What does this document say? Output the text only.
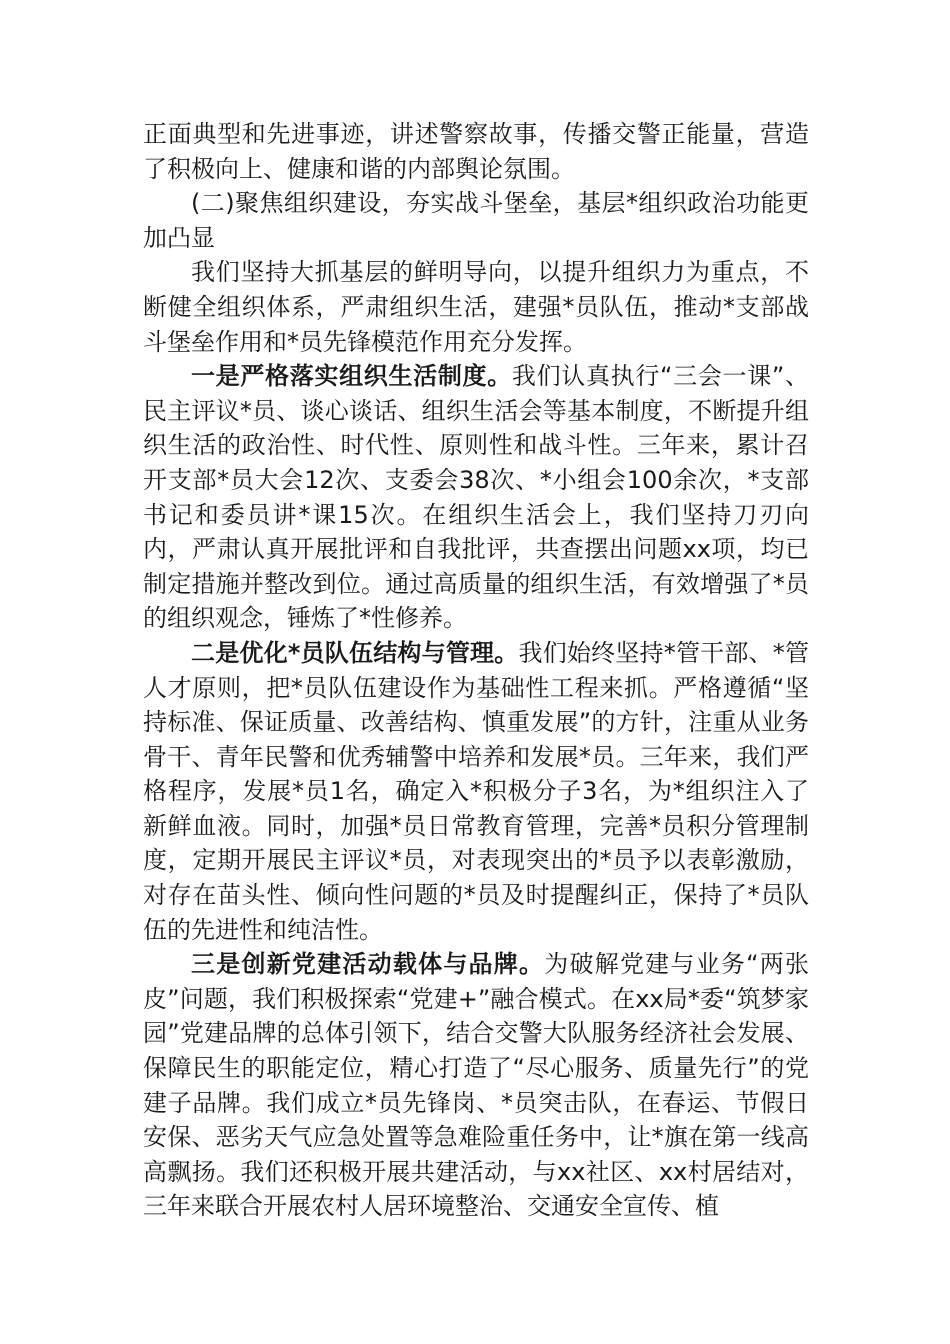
正面典型和先进事迹，讲述警察故事，传播交警正能量，营造了积极向上、健康和谐的内部舆论氛围。

(二)聚焦组织建设，夯实战斗堡垒，基层*组织政治功能更加凸显

我们坚持大抓基层的鲜明导向，以提升组织力为重点，不断健全组织体系，严肃组织生活，建强*员队伍，推动*支部战斗堡垒作用和*员先锋模范作用充分发挥。

一是严格落实组织生活制度。我们认真执行“三会一课”、民主评议*员、谈心谈话、组织生活会等基本制度，不断提升组织生活的政治性、时代性、原则性和战斗性。三年来，累计召开支部*员大会12次、支委会38次、*小组会100余次，*支部书记和委员讲*课15次。在组织生活会上，我们坚持刀刃向内，严肃认真开展批评和自我批评，共查摆出问题xx项，均已制定措施并整改到位。通过高质量的组织生活，有效增强了*员的组织观念，锤炼了*性修养。

二是优化*员队伍结构与管理。我们始终坚持*管干部、*管人才原则，把*员队伍建设作为基础性工程来抓。严格遵循“坚持标准、保证质量、改善结构、慎重发展”的方针，注重从业务骨干、青年民警和优秀辅警中培养和发展*员。三年来，我们严格程序，发展*员1名，确定入*积极分子3名，为*组织注入了新鲜血液。同时，加强*员日常教育管理，完善*员积分管理制度，定期开展民主评议*员，对表现突出的*员予以表彰激励，对存在苗头性、倾向性问题的*员及时提醒纠正，保持了*员队伍的先进性和纯洁性。

三是创新党建活动载体与品牌。为破解党建与业务“两张皮”问题，我们积极探索“党建+”融合模式。在xx局*委“筑梦家园”党建品牌的总体引领下，结合交警大队服务经济社会发展、保障民生的职能定位，精心打造了“尽心服务、质量先行”的党建子品牌。我们成立*员先锋岗、*员突击队，在春运、节假日安保、恶劣天气应急处置等急难险重任务中，让*旗在第一线高高飘扬。我们还积极开展共建活动，与xx社区、xx村居结对，三年来联合开展农村人居环境整治、交通安全宣传、植
